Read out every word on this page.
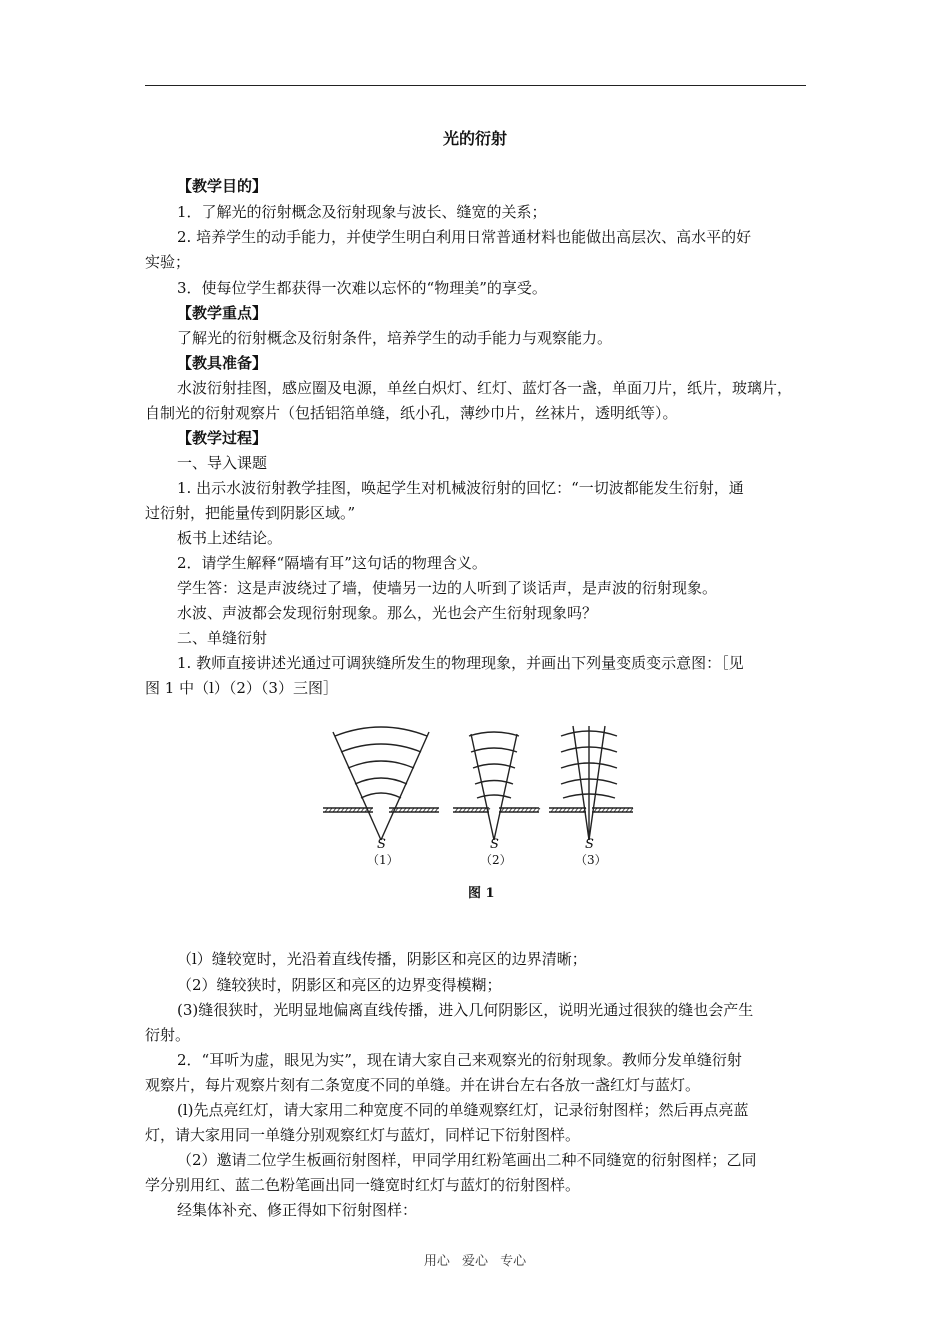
光的衍射
【教学目的】
1．了解光的衍射概念及衍射现象与波长、缝宽的关系；
2. 培养学生的动手能力，并使学生明白利用日常普通材料也能做出高层次、高水平的好
实验；
3．使每位学生都获得一次难以忘怀的“物理美”的享受。
【教学重点】
了解光的衍射概念及衍射条件，培养学生的动手能力与观察能力。
【教具准备】
水波衍射挂图，感应圈及电源，单丝白炽灯、红灯、蓝灯各一盏，单面刀片，纸片，玻璃片，
自制光的衍射观察片（包括铝箔单缝，纸小孔，薄纱巾片，丝袜片，透明纸等）。
【教学过程】
一、导入课题
1. 出示水波衍射教学挂图，唤起学生对机械波衍射的回忆：“一切波都能发生衍射，通
过衍射，把能量传到阴影区域。”
板书上述结论。
2．请学生解释“隔墙有耳”这句话的物理含义。
学生答：这是声波绕过了墙，使墙另一边的人听到了谈话声，是声波的衍射现象。
水波、声波都会发现衍射现象。那么，光也会产生衍射现象吗？
二、单缝衍射
1. 教师直接讲述光通过可调狭缝所发生的物理现象，并画出下列量变质变示意图：［见
图 1 中（l）（2）（3）三图］
（l）缝较宽时，光沿着直线传播，阴影区和亮区的边界清晰；
（2）缝较狭时，阴影区和亮区的边界变得模糊；
(3)缝很狭时，光明显地偏离直线传播，进入几何阴影区，说明光通过很狭的缝也会产生
衍射。
2．“耳听为虚，眼见为实”，现在请大家自己来观察光的衍射现象。教师分发单缝衍射
观察片，每片观察片刻有二条宽度不同的单缝。并在讲台左右各放一盏红灯与蓝灯。
(l)先点亮红灯，请大家用二种宽度不同的单缝观察红灯，记录衍射图样；然后再点亮蓝
灯，请大家用同一单缝分别观察红灯与蓝灯，同样记下衍射图样。
（2）邀请二位学生板画衍射图样，甲同学用红粉笔画出二种不同缝宽的衍射图样；乙同
学分别用红、蓝二色粉笔画出同一缝宽时红灯与蓝灯的衍射图样。
经集体补充、修正得如下衍射图样：
S	S	S
（1）	（2）	（3）
图 1
用心 爱心 专心
